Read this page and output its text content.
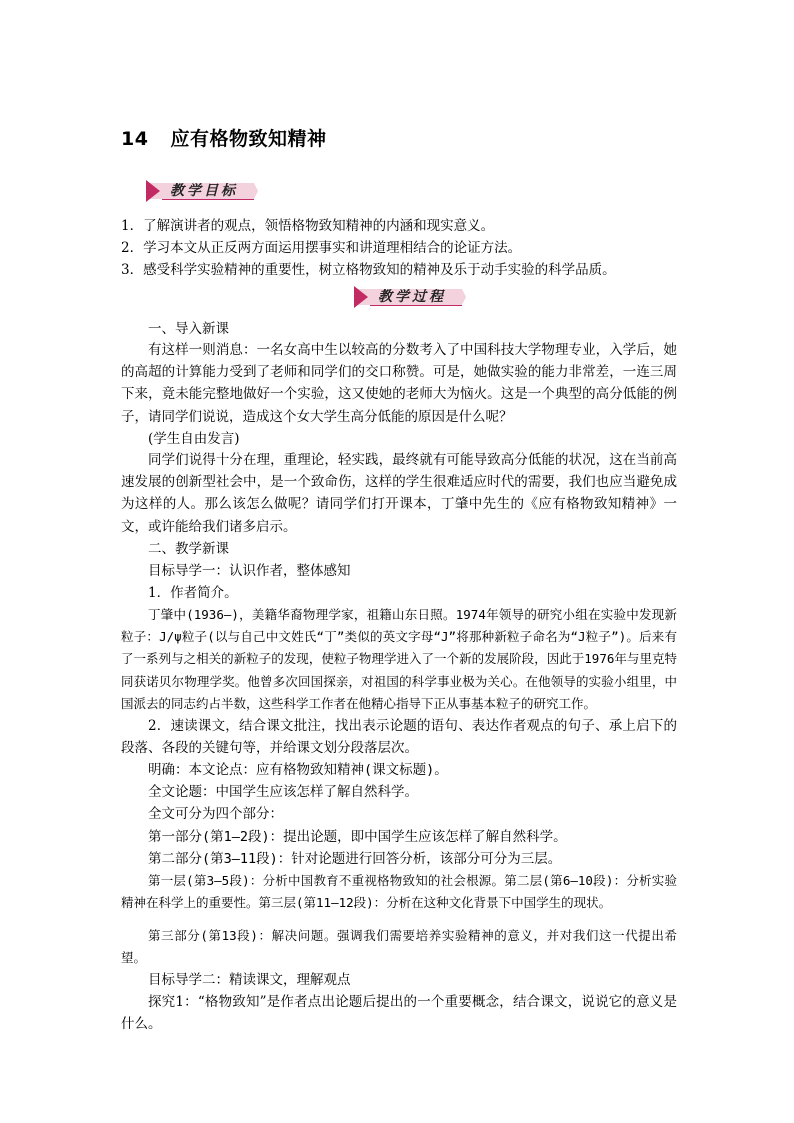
14 应有格物致知精神
教学目标
1．了解演讲者的观点，领悟格物致知精神的内涵和现实意义。
2．学习本文从正反两方面运用摆事实和讲道理相结合的论证方法。
3．感受科学实验精神的重要性，树立格物致知的精神及乐于动手实验的科学品质。
教学过程
一、导入新课

有这样一则消息：一名女高中生以较高的分数考入了中国科技大学物理专业，入学后，她的高超的计算能力受到了老师和同学们的交口称赞。可是，她做实验的能力非常差，一连三周下来，竟未能完整地做好一个实验，这又使她的老师大为恼火。这是一个典型的高分低能的例子，请同学们说说，造成这个女大学生高分低能的原因是什么呢？

(学生自由发言)

同学们说得十分在理，重理论，轻实践，最终就有可能导致高分低能的状况，这在当前高速发展的创新型社会中，是一个致命伤，这样的学生很难适应时代的需要，我们也应当避免成为这样的人。那么该怎么做呢？请同学们打开课本，丁肇中先生的《应有格物致知精神》一文，或许能给我们诸多启示。

二、教学新课
目标导学一：认识作者，整体感知
1．作者简介。

丁肇中(1936—)，美籍华裔物理学家，祖籍山东日照。1974年领导的研究小组在实验中发现新粒子：J/ψ粒子(以与自己中文姓氏“丁”类似的英文字母“J”将那种新粒子命名为“J粒子”)。后来有了一系列与之相关的新粒子的发现，使粒子物理学进入了一个新的发展阶段，因此于1976年与里克特同获诺贝尔物理学奖。他曾多次回国探亲，对祖国的科学事业极为关心。在他领导的实验小组里，中国派去的同志约占半数，这些科学工作者在他精心指导下正从事基本粒子的研究工作。

2．速读课文，结合课文批注，找出表示论题的语句、表达作者观点的句子、承上启下的段落、各段的关键句等，并给课文划分段落层次。

明确：本文论点：应有格物致知精神(课文标题)。
全文论题：中国学生应该怎样了解自然科学。
全文可分为四个部分：
第一部分(第1—2段)：提出论题，即中国学生应该怎样了解自然科学。
第二部分(第3—11段)：针对论题进行回答分析，该部分可分为三层。

第一层(第3—5段)：分析中国教育不重视格物致知的社会根源。第二层(第6—10段)：分析实验精神在科学上的重要性。第三层(第11—12段)：分析在这种文化背景下中国学生的现状。

第三部分(第13段)：解决问题。强调我们需要培养实验精神的意义，并对我们这一代提出希望。

目标导学二：精读课文，理解观点

探究1：“格物致知”是作者点出论题后提出的一个重要概念，结合课文，说说它的意义是什么。
